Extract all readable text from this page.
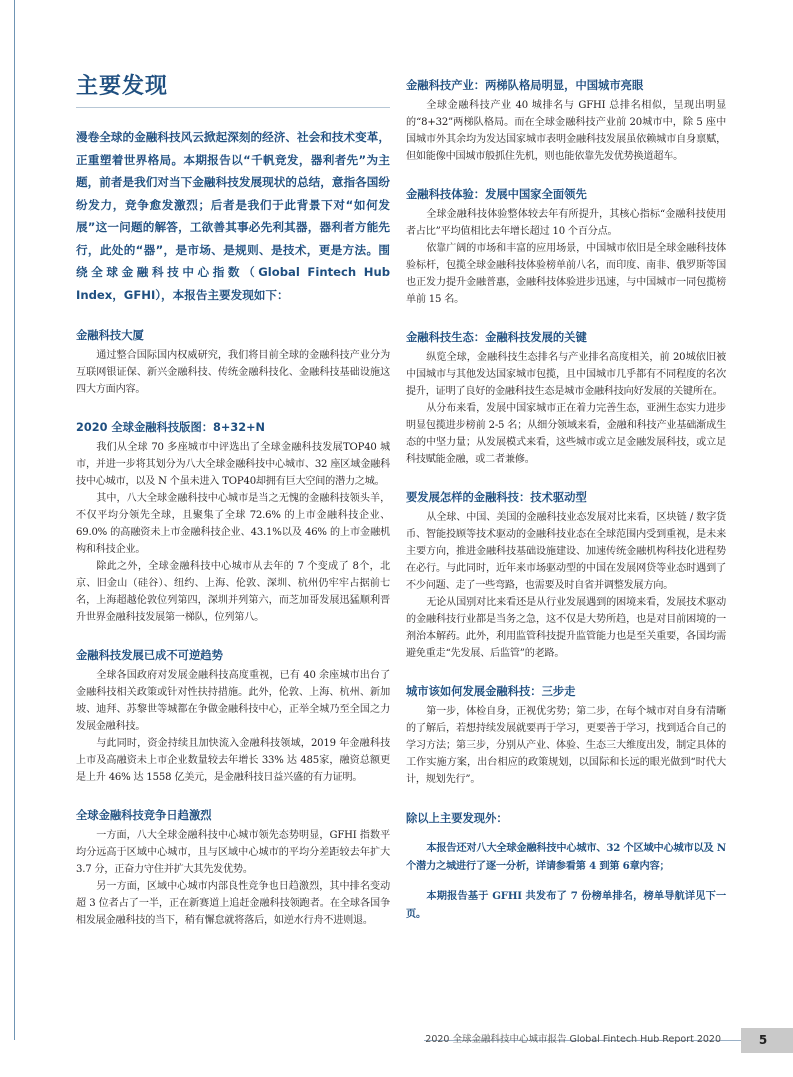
主要发现

漫卷全球的金融科技风云掀起深刻的经济、社会和技术变革，正重塑着世界格局。本期报告以“千帆竞发，器利者先”为主题，前者是我们对当下金融科技发展现状的总结，意指各国纷纷发力，竞争愈发激烈；后者是我们于此背景下对“如何发展”这一问题的解答，工欲善其事必先利其器，器利者方能先行，此处的“器”，是市场、是规则、是技术，更是方法。围绕全球金融科技中心指数（Global Fintech Hub Index，GFHI），本报告主要发现如下：

金融科技大厦

通过整合国际国内权威研究，我们将目前全球的金融科技产业分为互联网银证保、新兴金融科技、传统金融科技化、金融科技基础设施这四大方面内容。

2020 全球金融科技版图：8+32+N

我们从全球 70 多座城市中评选出了全球金融科技发展TOP40 城市，并进一步将其划分为八大全球金融科技中心城市、32 座区域金融科技中心城市，以及 N 个虽未进入 TOP40却拥有巨大空间的潜力之城。

其中，八大全球金融科技中心城市是当之无愧的金融科技领头羊，不仅平均分领先全球，且聚集了全球 72.6% 的上市金融科技企业、69.0% 的高融资未上市金融科技企业、43.1%以及 46% 的上市金融机构和科技企业。

除此之外，全球金融科技中心城市从去年的 7 个变成了 8个，北京、旧金山（硅谷）、纽约、上海、伦敦、深圳、杭州仍牢牢占据前七名，上海超越伦敦位列第四，深圳并列第六，而芝加哥发展迅猛顺利晋升世界金融科技发展第一梯队，位列第八。

金融科技发展已成不可逆趋势

全球各国政府对发展金融科技高度重视，已有 40 余座城市出台了金融科技相关政策或针对性扶持措施。此外，伦敦、上海、杭州、新加坡、迪拜、苏黎世等城都在争做金融科技中心，正举全城乃至全国之力发展金融科技。

与此同时，资金持续且加快流入金融科技领域，2019 年金融科技上市及高融资未上市企业数量较去年增长 33% 达 485家，融资总额更是上升 46% 达 1558 亿美元，是金融科技日益兴盛的有力证明。

全球金融科技竞争日趋激烈

一方面，八大全球金融科技中心城市领先态势明显，GFHI 指数平均分远高于区域中心城市，且与区域中心城市的平均分差距较去年扩大 3.7 分，正奋力守住并扩大其先发优势。

另一方面，区域中心城市内部良性竞争也日趋激烈，其中排名变动超 3 位者占了一半，正在新赛道上追赶金融科技领跑者。在全球各国争相发展金融科技的当下，稍有懈怠就将落后，如逆水行舟不进则退。

金融科技产业：两梯队格局明显，中国城市亮眼

全球金融科技产业 40 城排名与 GFHI 总排名相似，呈现出明显的“8+32”两梯队格局。而在全球金融科技产业前 20城市中，除 5 座中国城市外其余均为发达国家城市表明金融科技发展虽依赖城市自身禀赋，但如能像中国城市般抓住先机，则也能依靠先发优势换道超车。

金融科技体验：发展中国家全面领先

全球金融科技体验整体较去年有所提升，其核心指标“金融科技使用者占比”平均值相比去年增长超过 10 个百分点。

依靠广阔的市场和丰富的应用场景，中国城市依旧是全球金融科技体验标杆，包揽全球金融科技体验榜单前八名，而印度、南非、俄罗斯等国也正发力提升金融普惠，金融科技体验进步迅速，与中国城市一同包揽榜单前 15 名。

金融科技生态：金融科技发展的关键

纵览全球，金融科技生态排名与产业排名高度相关，前 20城依旧被中国城市与其他发达国家城市包揽，且中国城市几乎都有不同程度的名次提升，证明了良好的金融科技生态是城市金融科技向好发展的关键所在。

从分布来看，发展中国家城市正在着力完善生态，亚洲生态实力进步明显包揽进步榜前 2-5 名；从细分领域来看，金融和科技产业基础渐成生态的中坚力量；从发展模式来看，这些城市或立足金融发展科技，或立足科技赋能金融，或二者兼修。

要发展怎样的金融科技：技术驱动型

从全球、中国、美国的金融科技业态发展对比来看，区块链 / 数字货币、智能投顾等技术驱动的金融科技业态在全球范围内受到重视，是未来主要方向，推进金融科技基础设施建设、加速传统金融机构科技化进程势在必行。与此同时，近年来市场驱动型的中国在发展网贷等业态时遇到了不少问题、走了一些弯路，也需要及时自省并调整发展方向。

无论从国别对比来看还是从行业发展遇到的困境来看，发展技术驱动的金融科技行业都是当务之急，这不仅是大势所趋，也是对目前困境的一剂治本解药。此外，利用监管科技提升监管能力也是至关重要，各国均需避免重走“先发展、后监管”的老路。

城市该如何发展金融科技：三步走

第一步，体检自身，正视优劣势；第二步，在每个城市对自身有清晰的了解后，若想持续发展就要再于学习，更要善于学习，找到适合自己的学习方法；第三步，分别从产业、体验、生态三大维度出发，制定具体的工作实施方案，出台相应的政策规划，以国际和长远的眼光做到“时代大计，规划先行”。

除以上主要发现外：

本报告还对八大全球金融科技中心城市、32 个区域中心城市以及 N 个潜力之城进行了逐一分析，详请参看第 4 到第 6章内容；

本期报告基于 GFHI 共发布了 7 份榜单排名，榜单导航详见下一页。

2020 全球金融科技中心城市报告 Global Fintech Hub Report 2020	5
